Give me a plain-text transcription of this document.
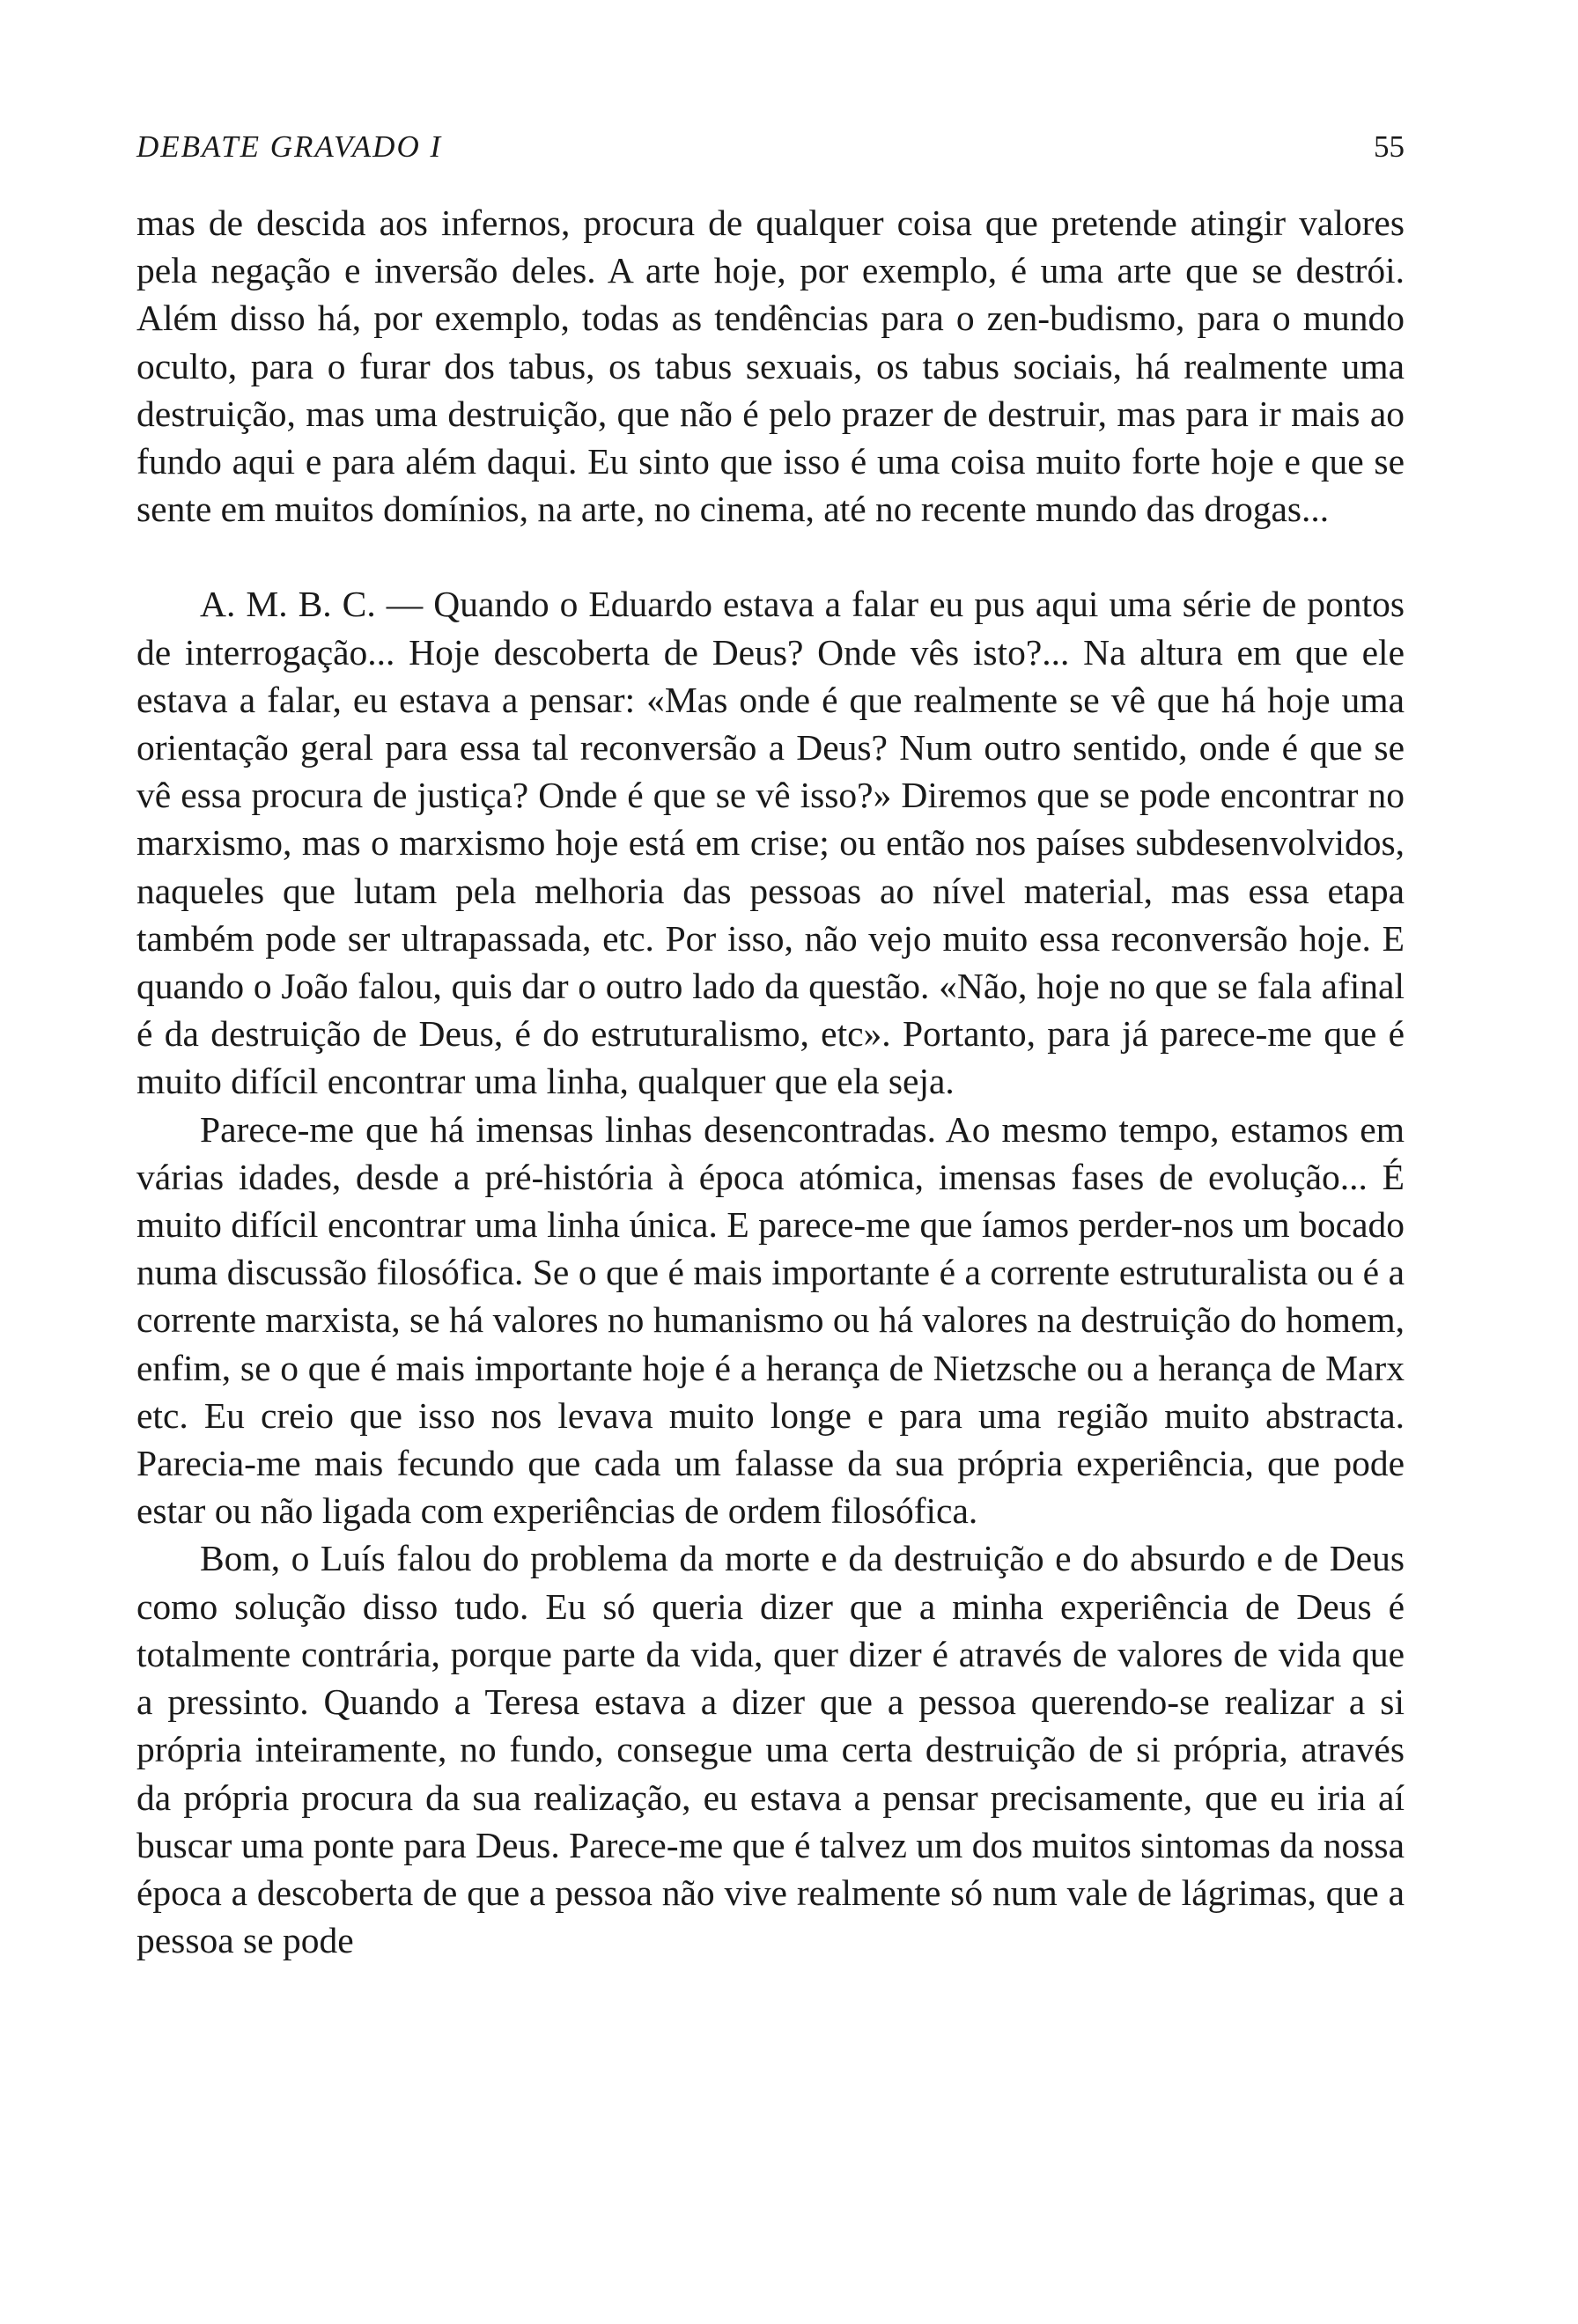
DEBATE GRAVADO I	55

mas de descida aos infernos, procura de qualquer coisa que pretende atingir valores pela negação e inversão deles. A arte hoje, por exemplo, é uma arte que se destrói. Além disso há, por exemplo, todas as tendências para o zen-budismo, para o mundo oculto, para o furar dos tabus, os tabus sexuais, os tabus sociais, há realmente uma destruição, mas uma destruição, que não é pelo prazer de destruir, mas para ir mais ao fundo aqui e para além daqui. Eu sinto que isso é uma coisa muito forte hoje e que se sente em muitos domínios, na arte, no cinema, até no recente mundo das drogas...

A. M. B. C. — Quando o Eduardo estava a falar eu pus aqui uma série de pontos de interrogação... Hoje descoberta de Deus? Onde vês isto?... Na altura em que ele estava a falar, eu estava a pensar: «Mas onde é que realmente se vê que há hoje uma orientação geral para essa tal reconversão a Deus? Num outro sentido, onde é que se vê essa procura de justiça? Onde é que se vê isso?» Diremos que se pode encontrar no marxismo, mas o marxismo hoje está em crise; ou então nos países subdesenvolvidos, naqueles que lutam pela melhoria das pessoas ao nível material, mas essa etapa também pode ser ultrapassada, etc. Por isso, não vejo muito essa reconversão hoje. E quando o João falou, quis dar o outro lado da questão. «Não, hoje no que se fala afinal é da destruição de Deus, é do estruturalismo, etc». Portanto, para já parece-me que é muito difícil encontrar uma linha, qualquer que ela seja.

Parece-me que há imensas linhas desencontradas. Ao mesmo tempo, estamos em várias idades, desde a pré-história à época atómica, imensas fases de evolução... É muito difícil encontrar uma linha única. E parece-me que íamos perder-nos um bocado numa discussão filosófica. Se o que é mais importante é a corrente estruturalista ou é a corrente marxista, se há valores no humanismo ou há valores na destruição do homem, enfim, se o que é mais importante hoje é a herança de Nietzsche ou a herança de Marx etc. Eu creio que isso nos levava muito longe e para uma região muito abstracta. Parecia-me mais fecundo que cada um falasse da sua própria experiência, que pode estar ou não ligada com experiências de ordem filosófica.

Bom, o Luís falou do problema da morte e da destruição e do absurdo e de Deus como solução disso tudo. Eu só queria dizer que a minha experiência de Deus é totalmente contrária, porque parte da vida, quer dizer é através de valores de vida que a pressinto. Quando a Teresa estava a dizer que a pessoa querendo-se realizar a si própria inteiramente, no fundo, consegue uma certa destruição de si própria, através da própria procura da sua realização, eu estava a pensar precisamente, que eu iria aí buscar uma ponte para Deus. Parece-me que é talvez um dos muitos sintomas da nossa época a descoberta de que a pessoa não vive realmente só num vale de lágrimas, que a pessoa se pode
